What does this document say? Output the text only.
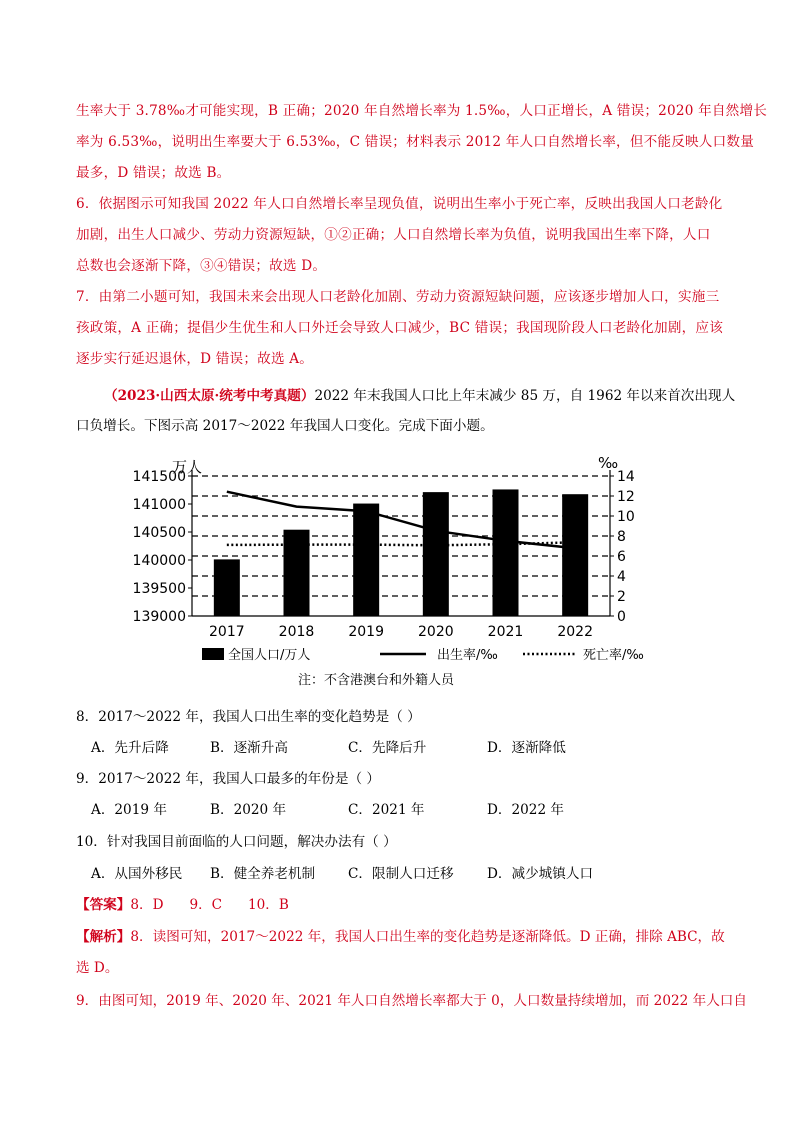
生率大于 3.78‰才可能实现，B 正确；2020 年自然增长率为 1.5‰，人口正增长，A 错误；2020 年自然增长
率为 6.53‰，说明出生率要大于 6.53‰，C 错误；材料表示 2012 年人口自然增长率，但不能反映人口数量
最多，D 错误；故选 B。
6．依据图示可知我国 2022 年人口自然增长率呈现负值，说明出生率小于死亡率，反映出我国人口老龄化
加剧，出生人口减少、劳动力资源短缺，①②正确；人口自然增长率为负值，说明我国出生率下降，人口
总数也会逐渐下降，③④错误；故选 D。
7．由第二小题可知，我国未来会出现人口老龄化加剧、劳动力资源短缺问题，应该逐步增加人口，实施三
孩政策，A 正确；提倡少生优生和人口外迁会导致人口减少，BC 错误；我国现阶段人口老龄化加剧，应该
逐步实行延迟退休，D 错误；故选 A。
（2023·山西太原·统考中考真题）2022 年末我国人口比上年末减少 85 万，自 1962 年以来首次出现人
口负增长。下图示高 2017～2022 年我国人口变化。完成下面小题。
141500
141000
140500
140000
139500
139000
14
12
10
8
6
4
2
0
2017 2018 2019 2020 2021 2022
万人	‰
全国人口/万人	出生率/‰	死亡率/‰
注：不含港澳台和外籍人员
8．2017～2022 年，我国人口出生率的变化趋势是（ ）
A．先升后降	B．逐渐升高	C．先降后升	D．逐渐降低
9．2017～2022 年，我国人口最多的年份是（ ）
A．2019 年	B．2020 年	C．2021 年	D．2022 年
10．针对我国目前面临的人口问题，解决办法有（ ）
A．从国外移民 B．健全养老机制 C．限制人口迁移 D．减少城镇人口
【答案】8．D      9．C      10．B
【解析】8．读图可知，2017～2022 年，我国人口出生率的变化趋势是逐渐降低。D 正确，排除 ABC，故
选 D。
9．由图可知，2019 年、2020 年、2021 年人口自然增长率都大于 0，人口数量持续增加，而 2022 年人口自
